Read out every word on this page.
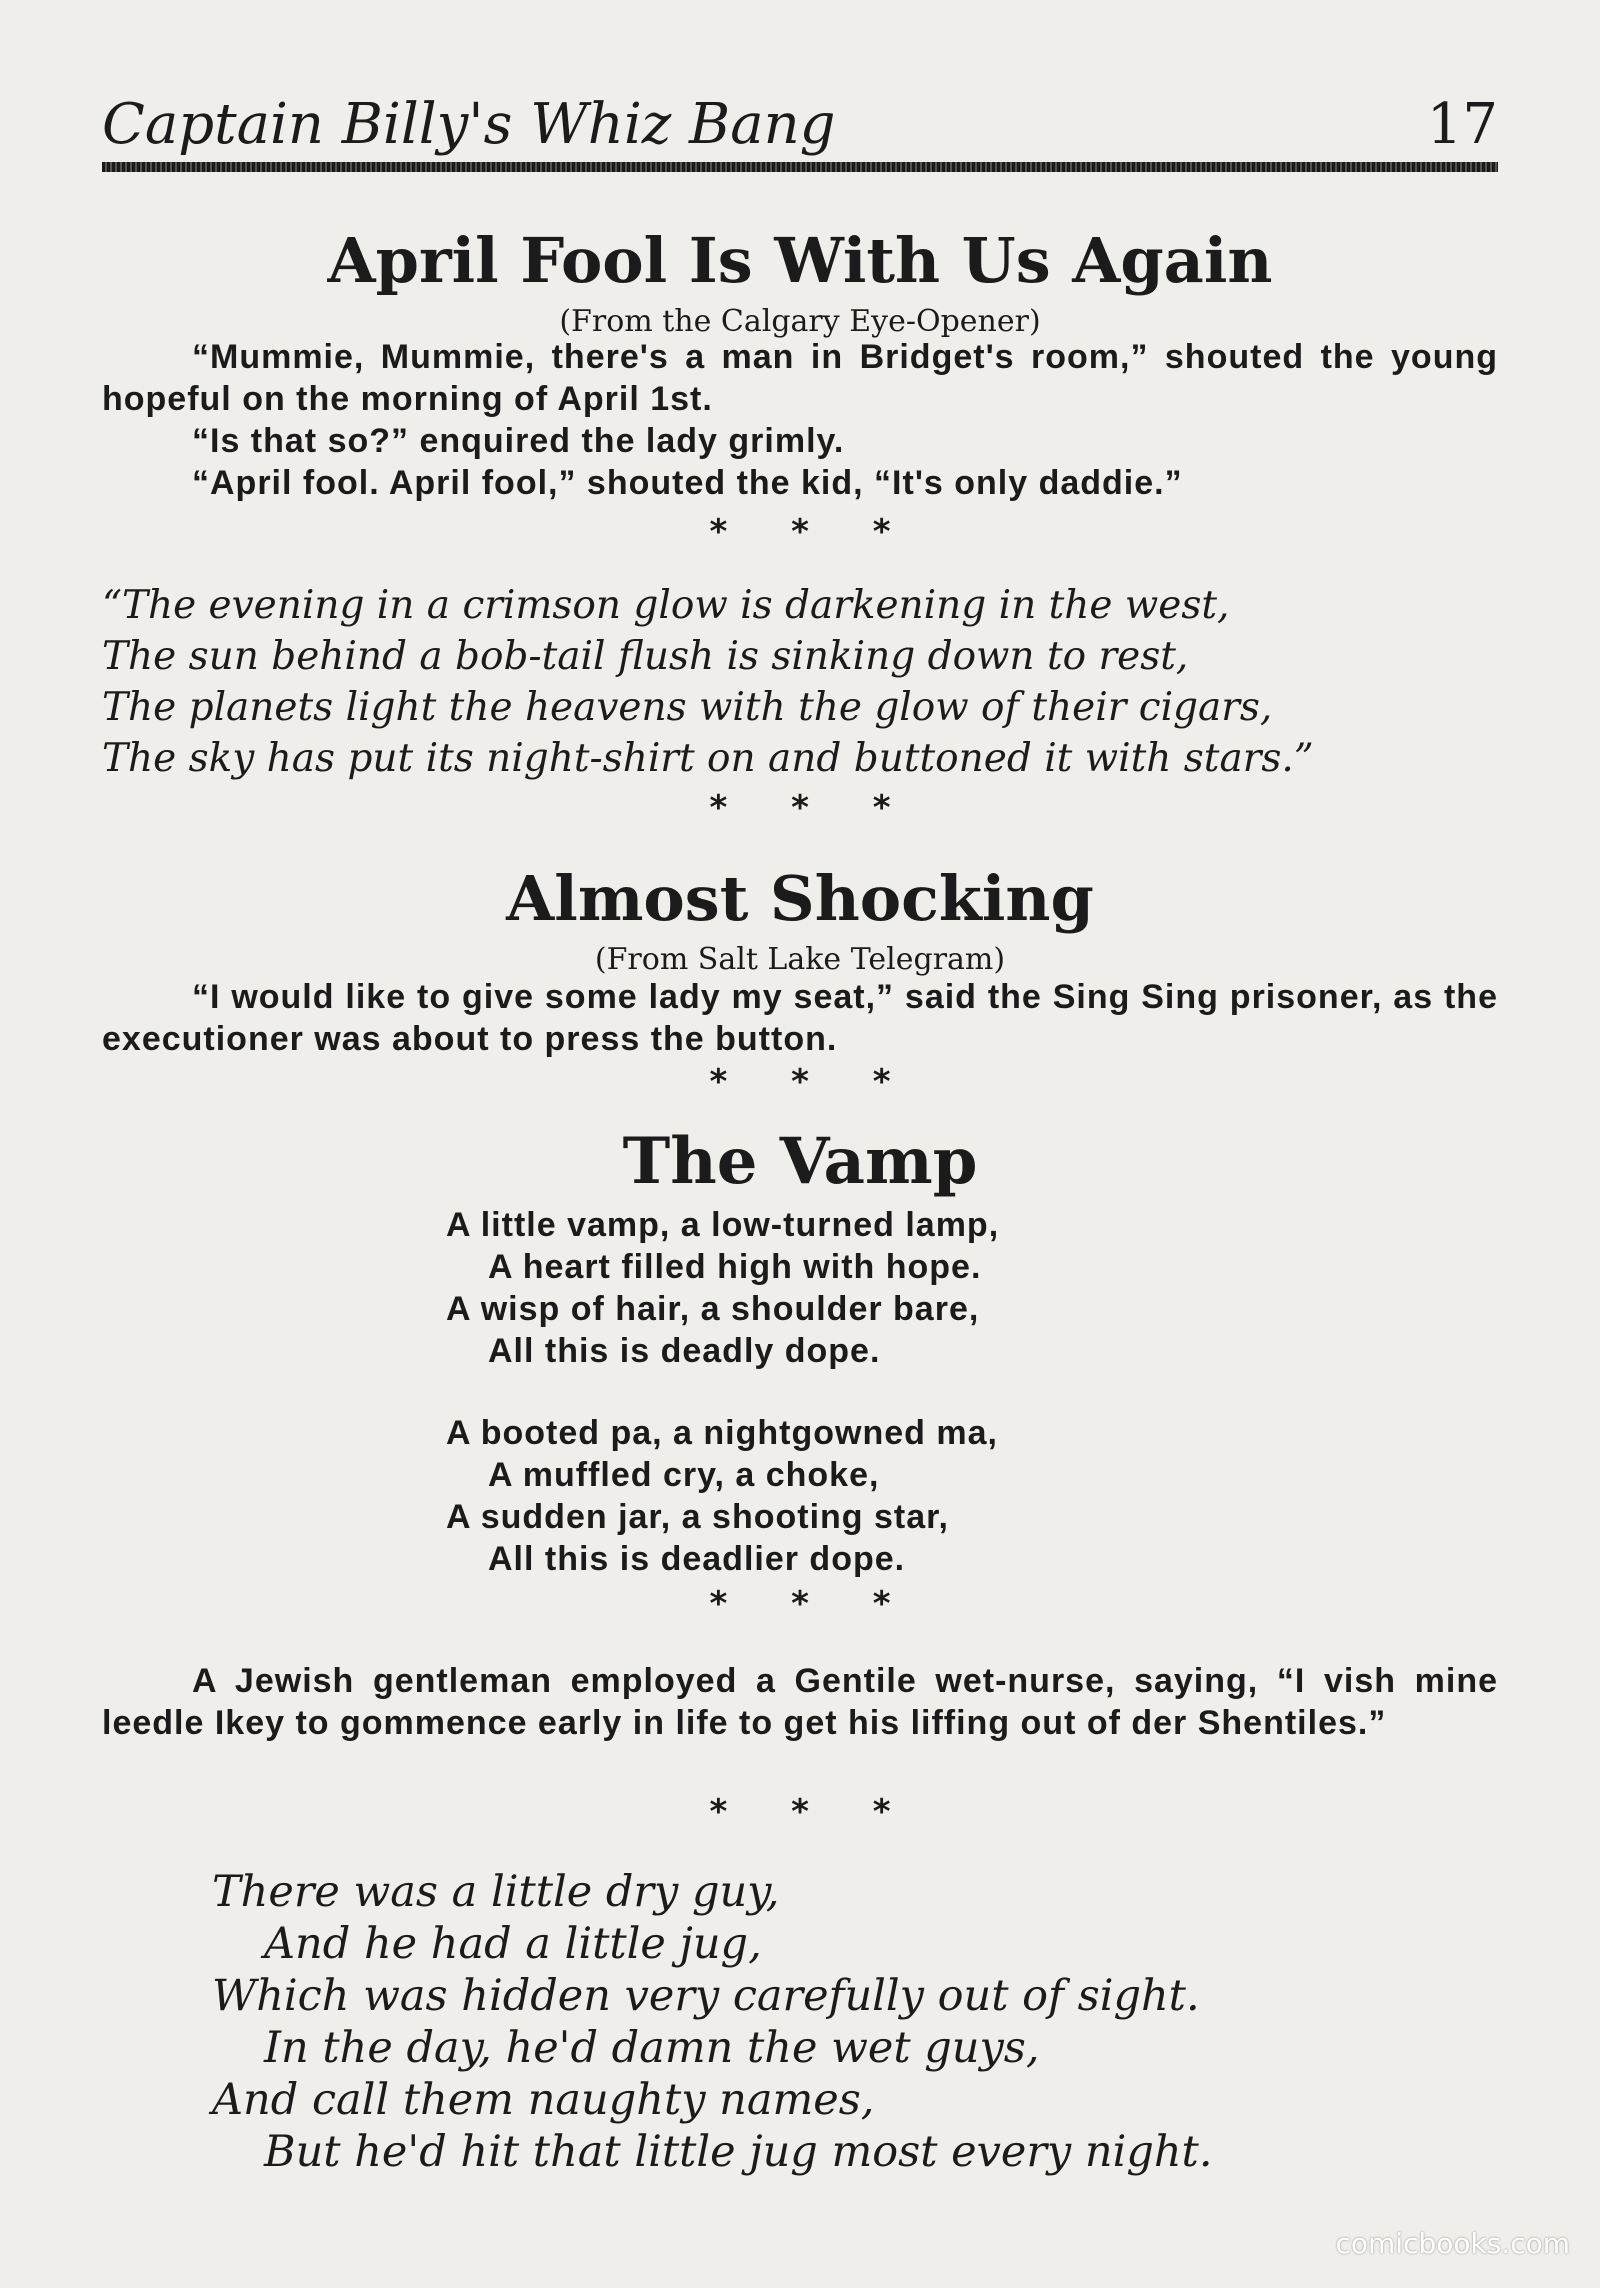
Captain Billy's Whiz Bang	17
April Fool Is With Us Again
(From the Calgary Eye-Opener)
“Mummie, Mummie, there's a man in Bridget's room,” shouted the young hopeful on the morning of April 1st.
“Is that so?” enquired the lady grimly.
“April fool. April fool,” shouted the kid, “It's only daddie.”
* * *
“The evening in a crimson glow is darkening in the west,
The sun behind a bob-tail flush is sinking down to rest,
The planets light the heavens with the glow of their cigars,
The sky has put its night-shirt on and buttoned it with stars.”
* * *
Almost Shocking
(From Salt Lake Telegram)
“I would like to give some lady my seat,” said the Sing Sing prisoner, as the executioner was about to press the button.
* * *
The Vamp
A little vamp, a low-turned lamp,
A heart filled high with hope.
A wisp of hair, a shoulder bare,
All this is deadly dope.
A booted pa, a nightgowned ma,
A muffled cry, a choke,
A sudden jar, a shooting star,
All this is deadlier dope.
* * *
A Jewish gentleman employed a Gentile wet-nurse, saying, “I vish mine leedle Ikey to gommence early in life to get his liffing out of der Shentiles.”
* * *
There was a little dry guy,
And he had a little jug,
Which was hidden very carefully out of sight.
In the day, he'd damn the wet guys,
And call them naughty names,
But he'd hit that little jug most every night.
comicbooks.com
